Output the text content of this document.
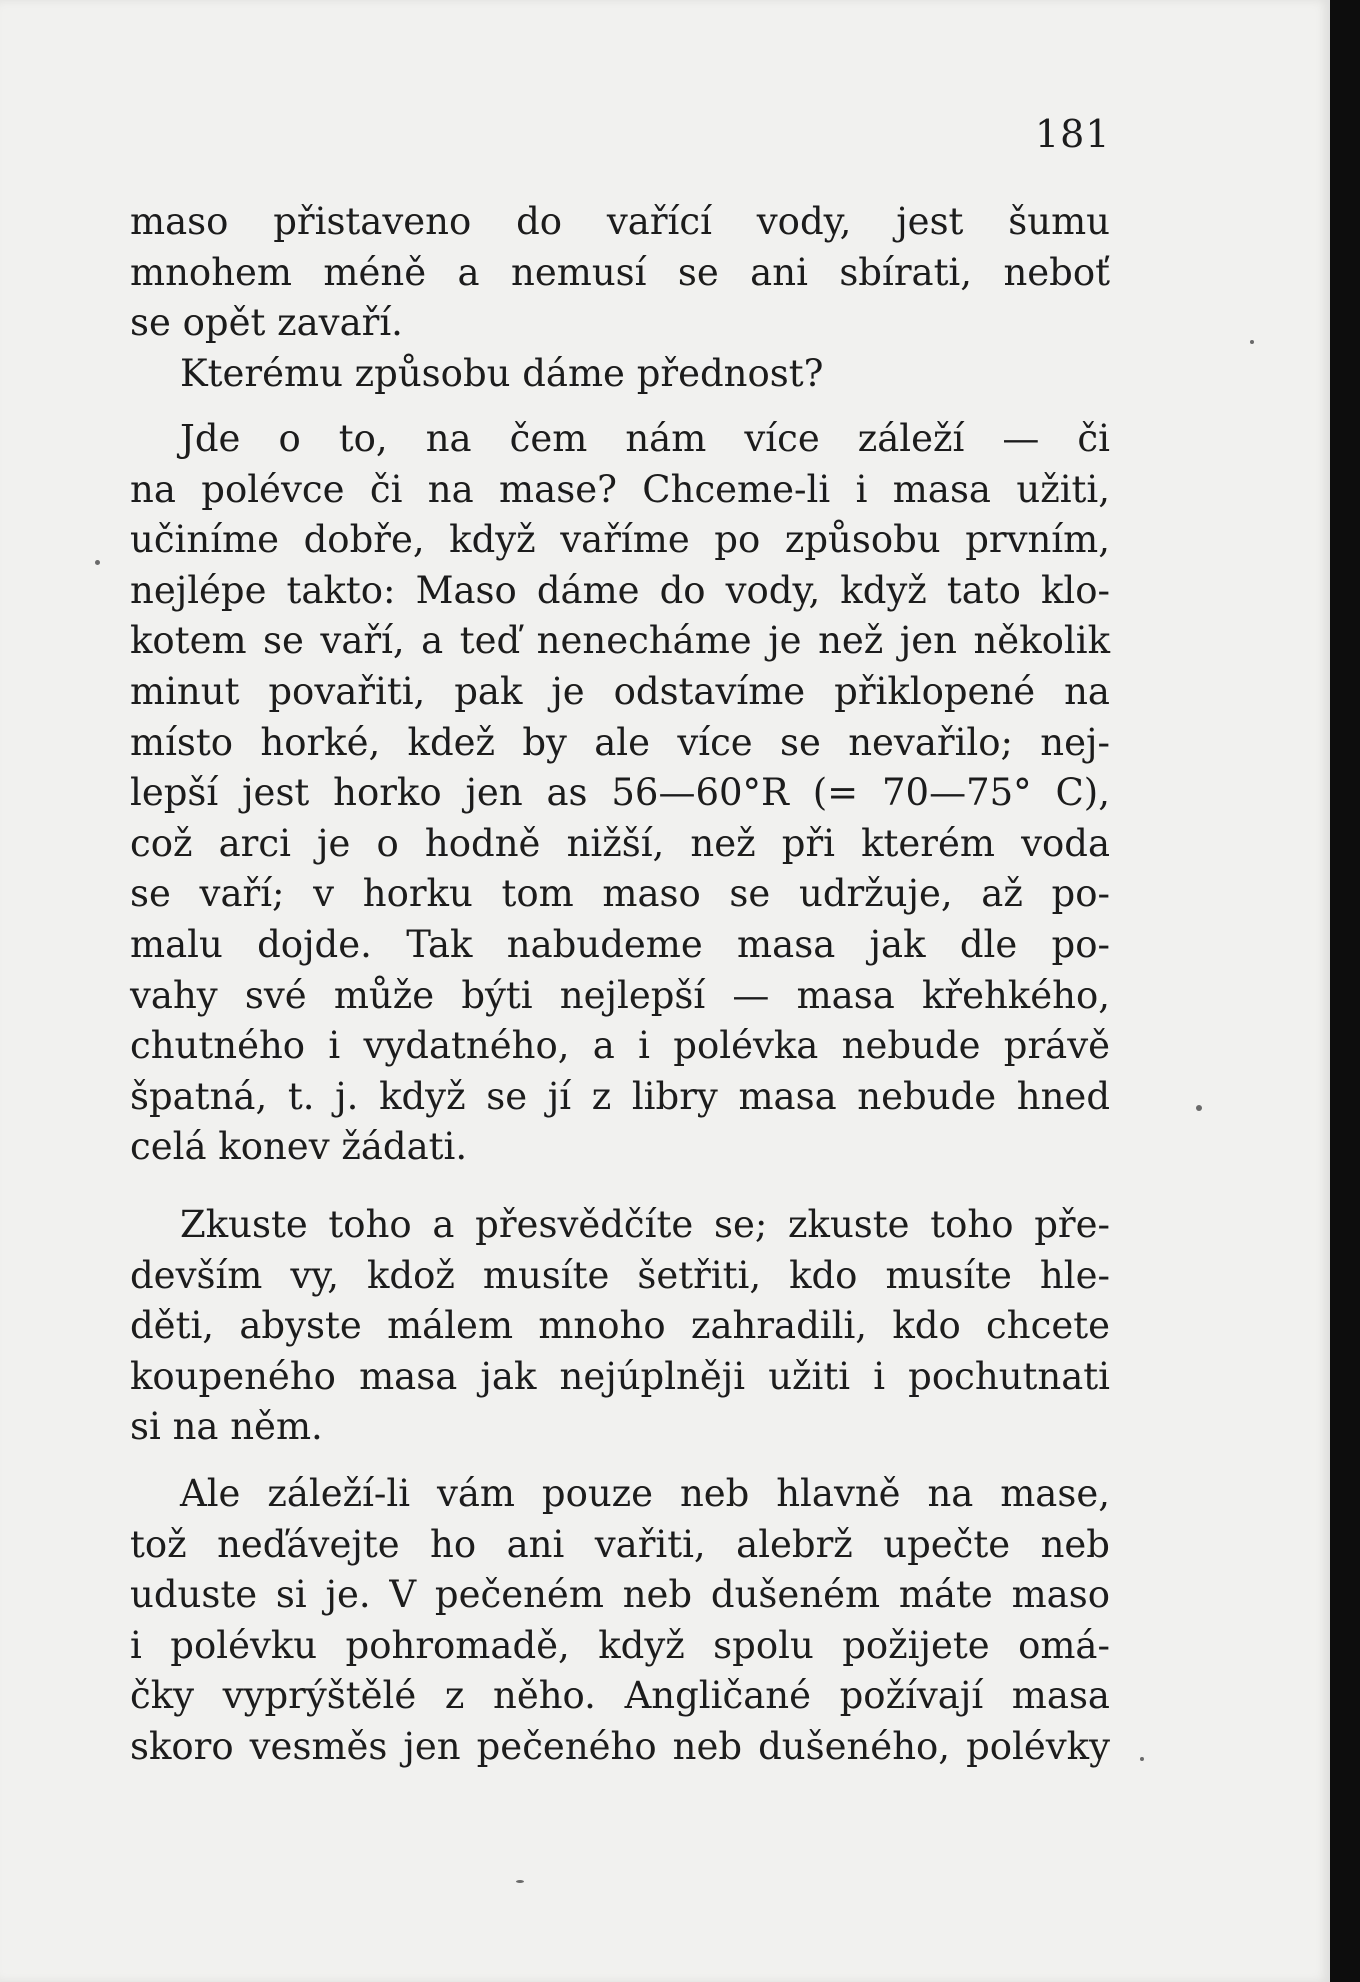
181
maso přistaveno do vařící vody, jest šumu
mnohem méně a nemusí se ani sbírati, neboť
se opět zavaří.
Kterému způsobu dáme přednost?
Jde o to, na čem nám více záleží — či
na polévce či na mase? Chceme-li i masa užiti,
učiníme dobře, když vaříme po způsobu prvním,
nejlépe takto: Maso dáme do vody, když tato klo-
kotem se vaří, a teď nenecháme je než jen několik
minut povařiti, pak je odstavíme přiklopené na
místo horké, kdež by ale více se nevařilo; nej-
lepší jest horko jen as 56—60°R (= 70—75° C),
což arci je o hodně nižší, než při kterém voda
se vaří; v horku tom maso se udržuje, až po-
malu dojde. Tak nabudeme masa jak dle po-
vahy své může býti nejlepší — masa křehkého,
chutného i vydatného, a i polévka nebude právě
špatná, t. j. když se jí z libry masa nebude hned
celá konev žádati.
Zkuste toho a přesvědčíte se; zkuste toho pře-
devším vy, kdož musíte šetřiti, kdo musíte hle-
děti, abyste málem mnoho zahradili, kdo chcete
koupeného masa jak nejúplněji užiti i pochutnati
si na něm.
Ale záleží-li vám pouze neb hlavně na mase,
tož neďávejte ho ani vařiti, alebrž upečte neb
uduste si je. V pečeném neb dušeném máte maso
i polévku pohromadě, když spolu požijete omá-
čky vyprýštělé z něho. Angličané požívají masa
skoro vesměs jen pečeného neb dušeného, polévky
